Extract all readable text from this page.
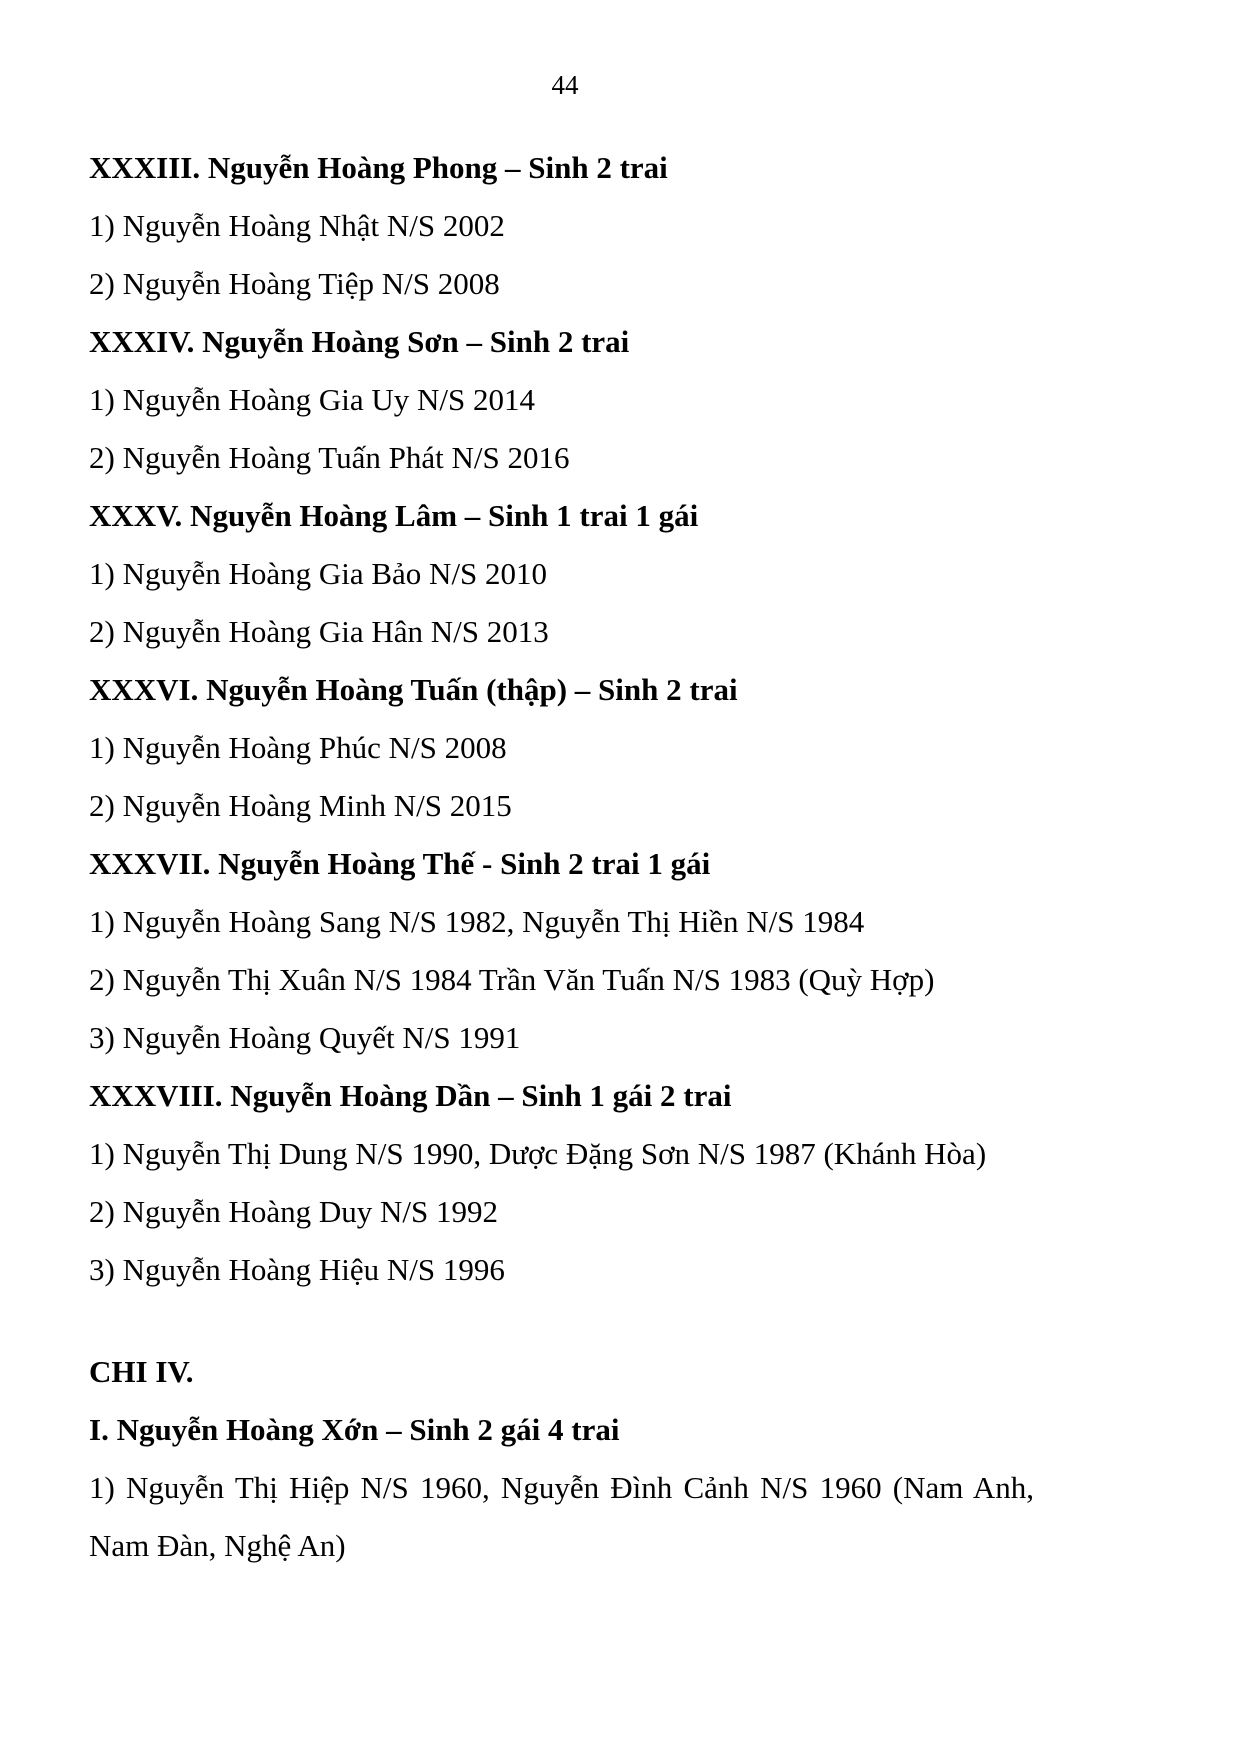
44
XXXIII. Nguyễn Hoàng Phong – Sinh 2 trai
1) Nguyễn Hoàng Nhật N/S 2002
2) Nguyễn Hoàng Tiệp N/S 2008
XXXIV. Nguyễn Hoàng Sơn – Sinh 2 trai
1) Nguyễn Hoàng Gia Uy N/S 2014
2) Nguyễn Hoàng Tuấn Phát N/S 2016
XXXV. Nguyễn Hoàng Lâm – Sinh 1 trai 1 gái
1) Nguyễn Hoàng Gia Bảo N/S 2010
2) Nguyễn Hoàng Gia Hân N/S 2013
XXXVI. Nguyễn Hoàng Tuấn (thập) – Sinh 2 trai
1) Nguyễn Hoàng Phúc N/S 2008
2) Nguyễn Hoàng Minh N/S 2015
XXXVII. Nguyễn Hoàng Thế - Sinh 2 trai 1 gái
1) Nguyễn Hoàng Sang N/S 1982, Nguyễn Thị Hiền N/S 1984
2) Nguyễn Thị Xuân N/S 1984 Trần Văn Tuấn N/S 1983 (Quỳ Hợp)
3) Nguyễn Hoàng Quyết N/S 1991
XXXVIII. Nguyễn Hoàng Dần – Sinh 1 gái 2 trai
1) Nguyễn Thị Dung N/S 1990, Dược Đặng Sơn N/S 1987 (Khánh Hòa)
2) Nguyễn Hoàng Duy N/S 1992
3) Nguyễn Hoàng Hiệu N/S 1996
CHI IV.
I. Nguyễn Hoàng Xớn – Sinh 2 gái 4 trai
1) Nguyễn Thị Hiệp N/S 1960, Nguyễn Đình Cảnh N/S 1960 (Nam Anh, Nam Đàn, Nghệ An)
